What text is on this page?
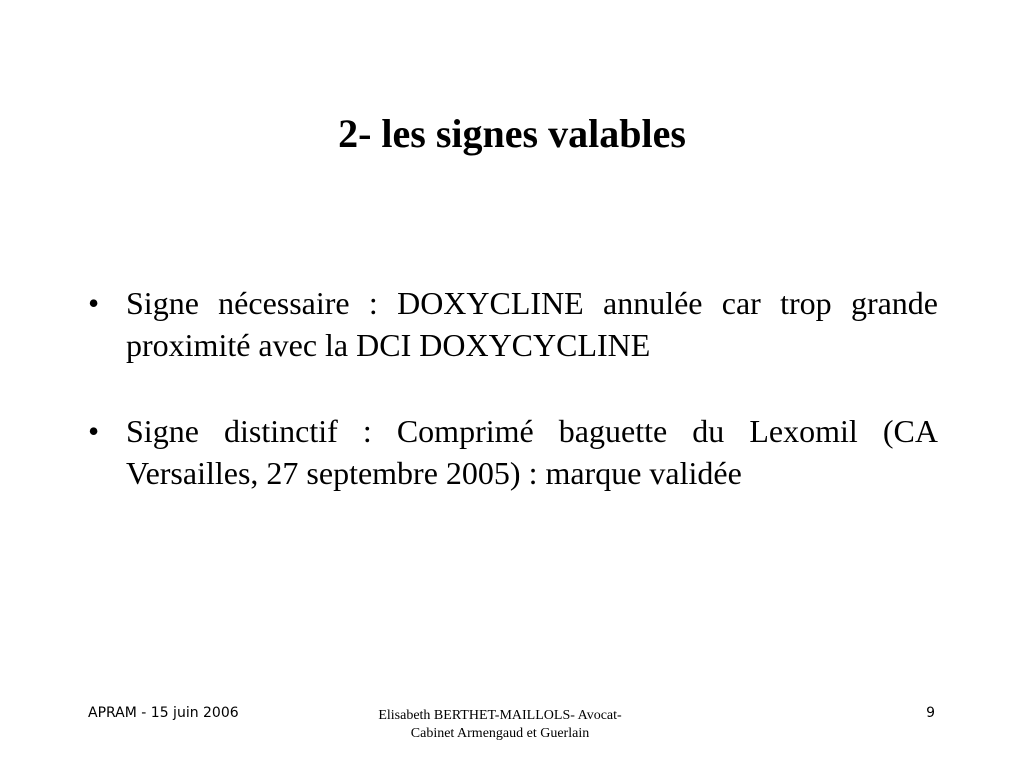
2- les signes valables
• Signe nécessaire : DOXYCLINE annulée car trop grande proximité avec la DCI DOXYCYCLINE
• Signe distinctif : Comprimé baguette du Lexomil (CA Versailles, 27 septembre 2005) : marque validée
APRAM - 15 juin 2006	Elisabeth BERTHET-MAILLOLS- Avocat-
Cabinet Armengaud et Guerlain
9
